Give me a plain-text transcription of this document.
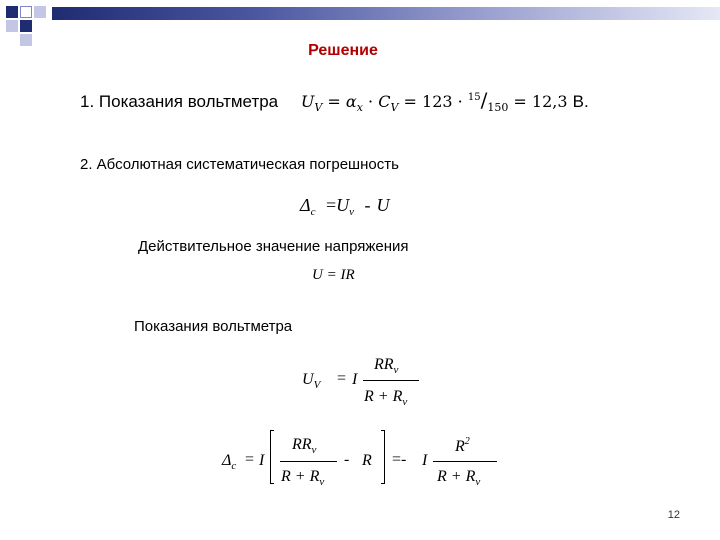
Решение
1. Показания вольтметра $U_V = \alpha_x \cdot C_V = 123 \cdot ^{15}/_{150} = 12,3$ В.
2. Абсолютная систематическая погрешность
$\Delta_c =U_v - U$
Действительное значение напряжения
U = IR
Показания вольтметра
$U_V = I$
$RR_v$
$R + R_v$
$\Delta_c = I$
$RR_v$
$R + R_v$
- R =- I
$R^2$
$R + R_v$
12
